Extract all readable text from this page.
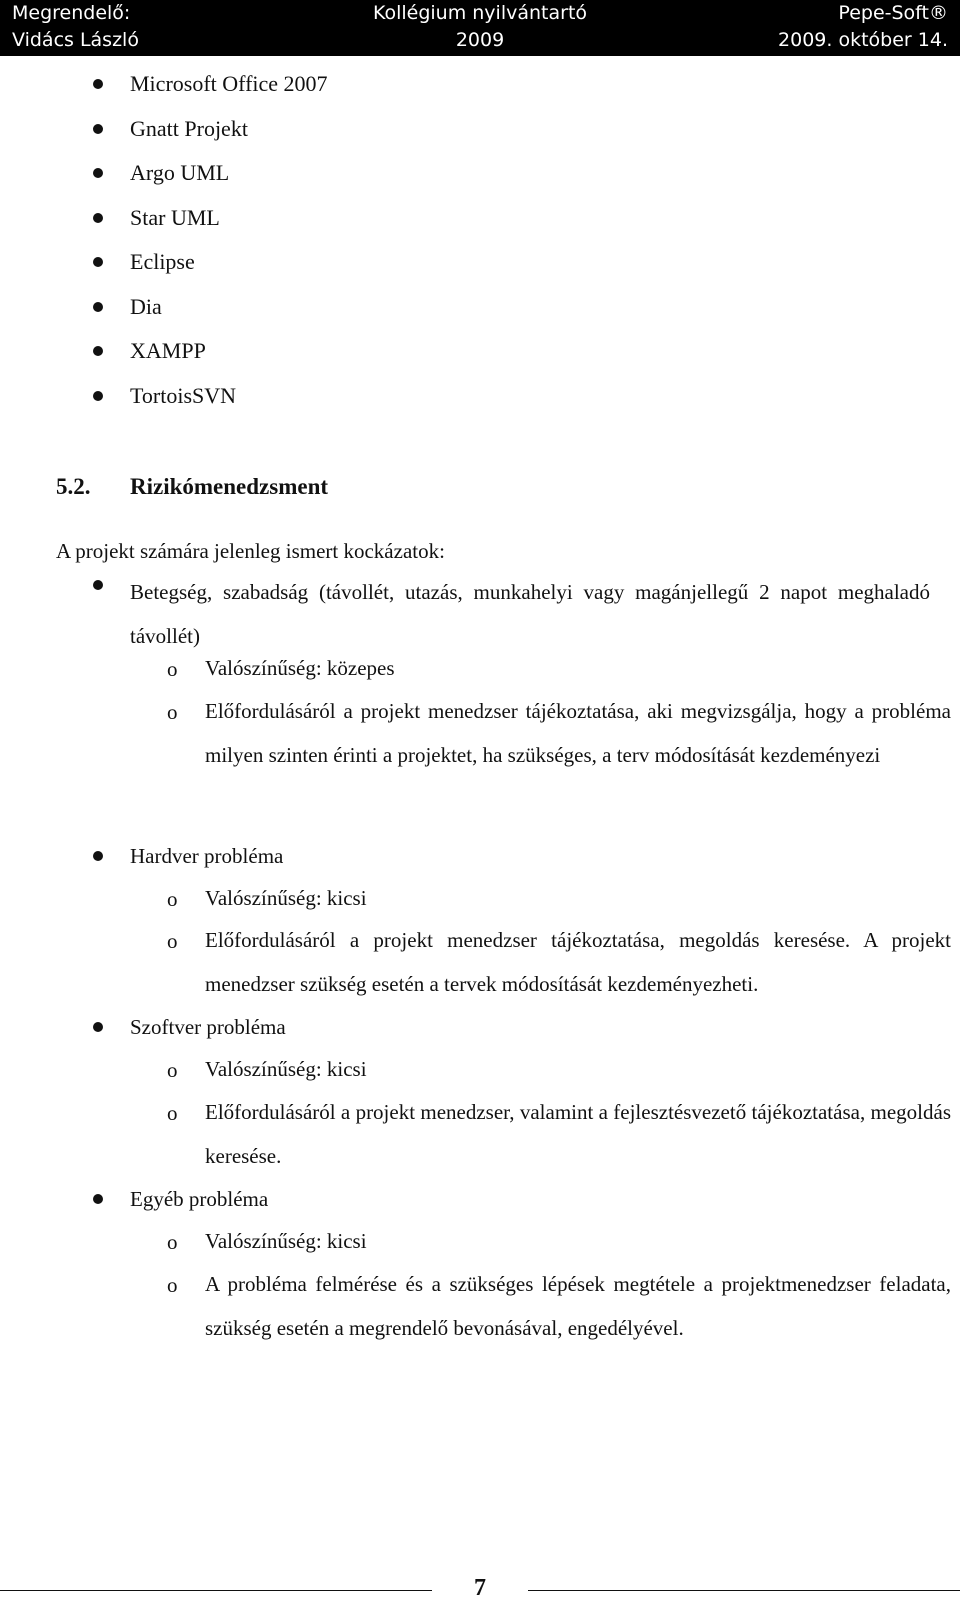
Megrendelő:
Vidács László
Kollégium nyilvántartó
2009
Pepe-Soft®
2009. október 14.
Microsoft Office 2007
Gnatt Projekt
Argo UML
Star UML
Eclipse
Dia
XAMPP
TortoisSVN
5.2. Rizikómenedzsment
A projekt számára jelenleg ismert kockázatok:
Betegség, szabadság (távollét, utazás, munkahelyi vagy magánjellegű 2 napot meghaladó távollét)
o Valószínűség: közepes
o Előfordulásáról a projekt menedzser tájékoztatása, aki megvizsgálja, hogy a probléma milyen szinten érinti a projektet, ha szükséges, a terv módosítását kezdeményezi
Hardver probléma
o Valószínűség: kicsi
o Előfordulásáról a projekt menedzser tájékoztatása, megoldás keresése. A projekt menedzser szükség esetén a tervek módosítását kezdeményezheti.
Szoftver probléma
o Valószínűség: kicsi
o Előfordulásáról a projekt menedzser, valamint a fejlesztésvezető tájékoztatása, megoldás keresése.
Egyéb probléma
o Valószínűség: kicsi
o A probléma felmérése és a szükséges lépések megtétele a projektmenedzser feladata, szükség esetén a megrendelő bevonásával, engedélyével.
7
